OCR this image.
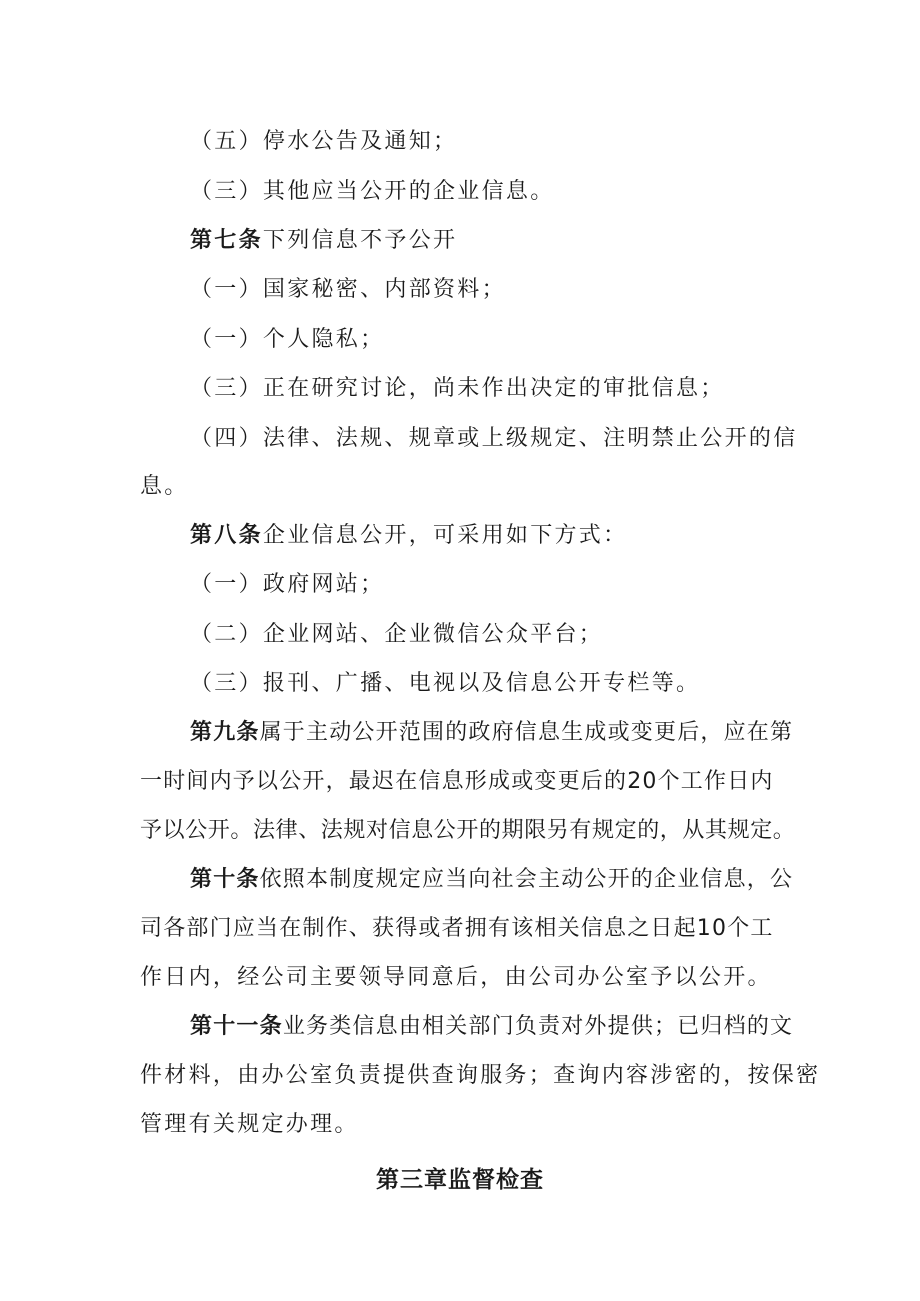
（五）停水公告及通知；
（三）其他应当公开的企业信息。
第七条下列信息不予公开
（一）国家秘密、内部资料；
（一）个人隐私；
（三）正在研究讨论，尚未作出决定的审批信息；
（四）法律、法规、规章或上级规定、注明禁止公开的信
息。
第八条企业信息公开，可采用如下方式：
（一）政府网站；
（二）企业网站、企业微信公众平台；
（三）报刊、广播、电视以及信息公开专栏等。
第九条属于主动公开范围的政府信息生成或变更后，应在第
一时间内予以公开，最迟在信息形成或变更后的20个工作日内
予以公开。法律、法规对信息公开的期限另有规定的，从其规定。
第十条依照本制度规定应当向社会主动公开的企业信息，公
司各部门应当在制作、获得或者拥有该相关信息之日起10个工
作日内，经公司主要领导同意后，由公司办公室予以公开。
第十一条业务类信息由相关部门负责对外提供；已归档的文
件材料，由办公室负责提供查询服务；查询内容涉密的，按保密
管理有关规定办理。
第三章监督检查
